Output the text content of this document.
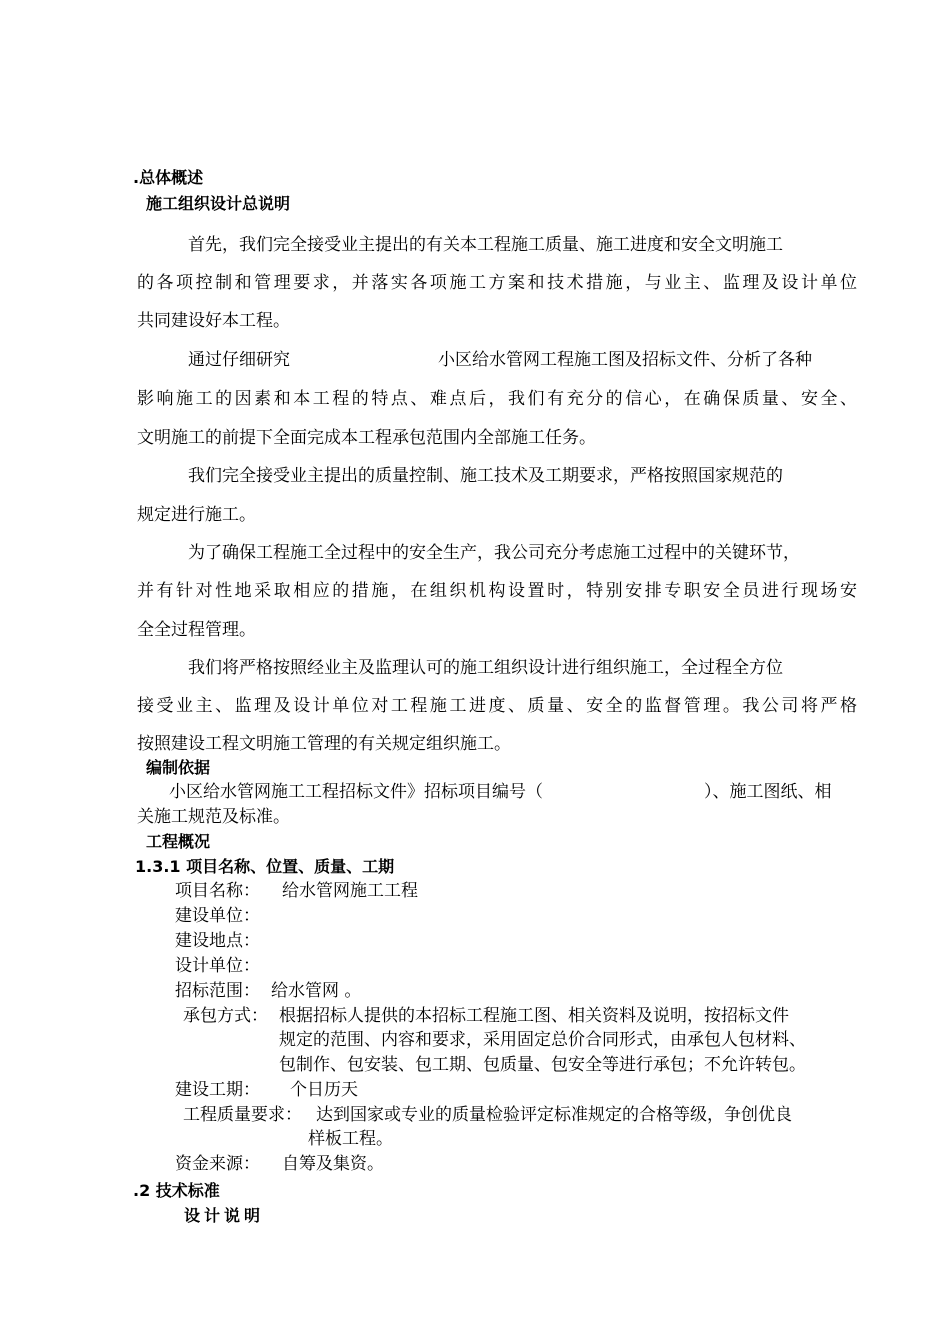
.总体概述
施工组织设计总说明
首先，我们完全接受业主提出的有关本工程施工质量、施工进度和安全文明施工
的各项控制和管理要求，并落实各项施工方案和技术措施，与业主、监理及设计单位
共同建设好本工程。
通过仔细研究	小区给水管网工程施工图及招标文件、分析了各种
影响施工的因素和本工程的特点、难点后，我们有充分的信心，在确保质量、安全、
文明施工的前提下全面完成本工程承包范围内全部施工任务。
我们完全接受业主提出的质量控制、施工技术及工期要求，严格按照国家规范的
规定进行施工。
为了确保工程施工全过程中的安全生产，我公司充分考虑施工过程中的关键环节，
并有针对性地采取相应的措施，在组织机构设置时，特别安排专职安全员进行现场安
全全过程管理。
我们将严格按照经业主及监理认可的施工组织设计进行组织施工，全过程全方位
接受业主、监理及设计单位对工程施工进度、质量、安全的监督管理。我公司将严格
按照建设工程文明施工管理的有关规定组织施工。
编制依据
小区给水管网施工工程招标文件》招标项目编号（	）、施工图纸、相
关施工规范及标准。
工程概况
1.3.1 项目名称、位置、质量、工期
项目名称： 给水管网施工工程
建设单位：
建设地点：
设计单位：
招标范围： 给水管网 。
承包方式： 根据招标人提供的本招标工程施工图、相关资料及说明，按招标文件
规定的范围、内容和要求，采用固定总价合同形式，由承包人包材料、
包制作、包安装、包工期、包质量、包安全等进行承包；不允许转包。
建设工期： 个日历天
工程质量要求： 达到国家或专业的质量检验评定标准规定的合格等级，争创优良
样板工程。
资金来源： 自筹及集资。
.2 技术标准
设计说明
